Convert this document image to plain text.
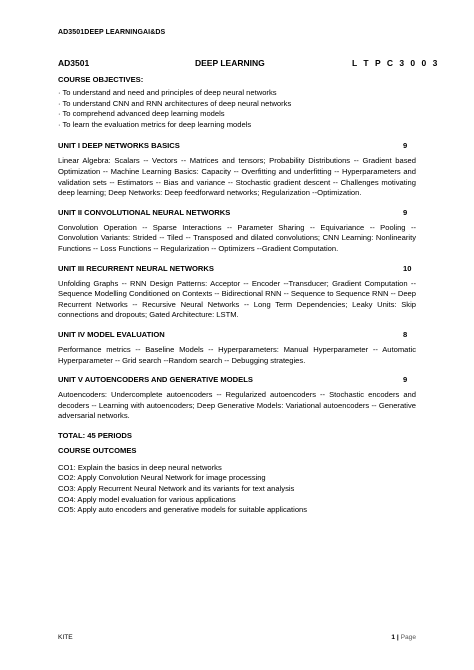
AD3501DEEP LEARNINGAI&DS
AD3501	DEEP LEARNING	L T P C 3 0 0 3
COURSE OBJECTIVES:
· To understand and need and principles of deep neural networks
· To understand CNN and RNN architectures of deep neural networks
· To comprehend advanced deep learning models
· To learn the evaluation metrics for deep learning models
UNIT I DEEP NETWORKS BASICS	9
Linear Algebra: Scalars -- Vectors -- Matrices and tensors; Probability Distributions -- Gradient based Optimization -- Machine Learning Basics: Capacity -- Overfitting and underfitting -- Hyperparameters and validation sets -- Estimators -- Bias and variance -- Stochastic gradient descent -- Challenges motivating deep learning; Deep Networks: Deep feedforward networks; Regularization --Optimization.
UNIT II CONVOLUTIONAL NEURAL NETWORKS	9
Convolution Operation -- Sparse Interactions -- Parameter Sharing -- Equivariance -- Pooling -- Convolution Variants: Strided -- Tiled -- Transposed and dilated convolutions; CNN Learning: Nonlinearity Functions -- Loss Functions -- Regularization -- Optimizers --Gradient Computation.
UNIT III RECURRENT NEURAL NETWORKS	10
Unfolding Graphs -- RNN Design Patterns: Acceptor -- Encoder --Transducer; Gradient Computation -- Sequence Modelling Conditioned on Contexts -- Bidirectional RNN -- Sequence to Sequence RNN -- Deep Recurrent Networks -- Recursive Neural Networks -- Long Term Dependencies; Leaky Units: Skip connections and dropouts; Gated Architecture: LSTM.
UNIT IV MODEL EVALUATION	8
Performance metrics -- Baseline Models -- Hyperparameters: Manual Hyperparameter -- Automatic Hyperparameter -- Grid search --Random search -- Debugging strategies.
UNIT V AUTOENCODERS AND GENERATIVE MODELS	9
Autoencoders: Undercomplete autoencoders -- Regularized autoencoders -- Stochastic encoders and decoders -- Learning with autoencoders; Deep Generative Models: Variational autoencoders -- Generative adversarial networks.
TOTAL: 45 PERIODS
COURSE OUTCOMES
CO1: Explain the basics in deep neural networks
CO2: Apply Convolution Neural Network for image processing
CO3: Apply Recurrent Neural Network and its variants for text analysis
CO4: Apply model evaluation for various applications
CO5: Apply auto encoders and generative models for suitable applications
KITE	1 | Page
